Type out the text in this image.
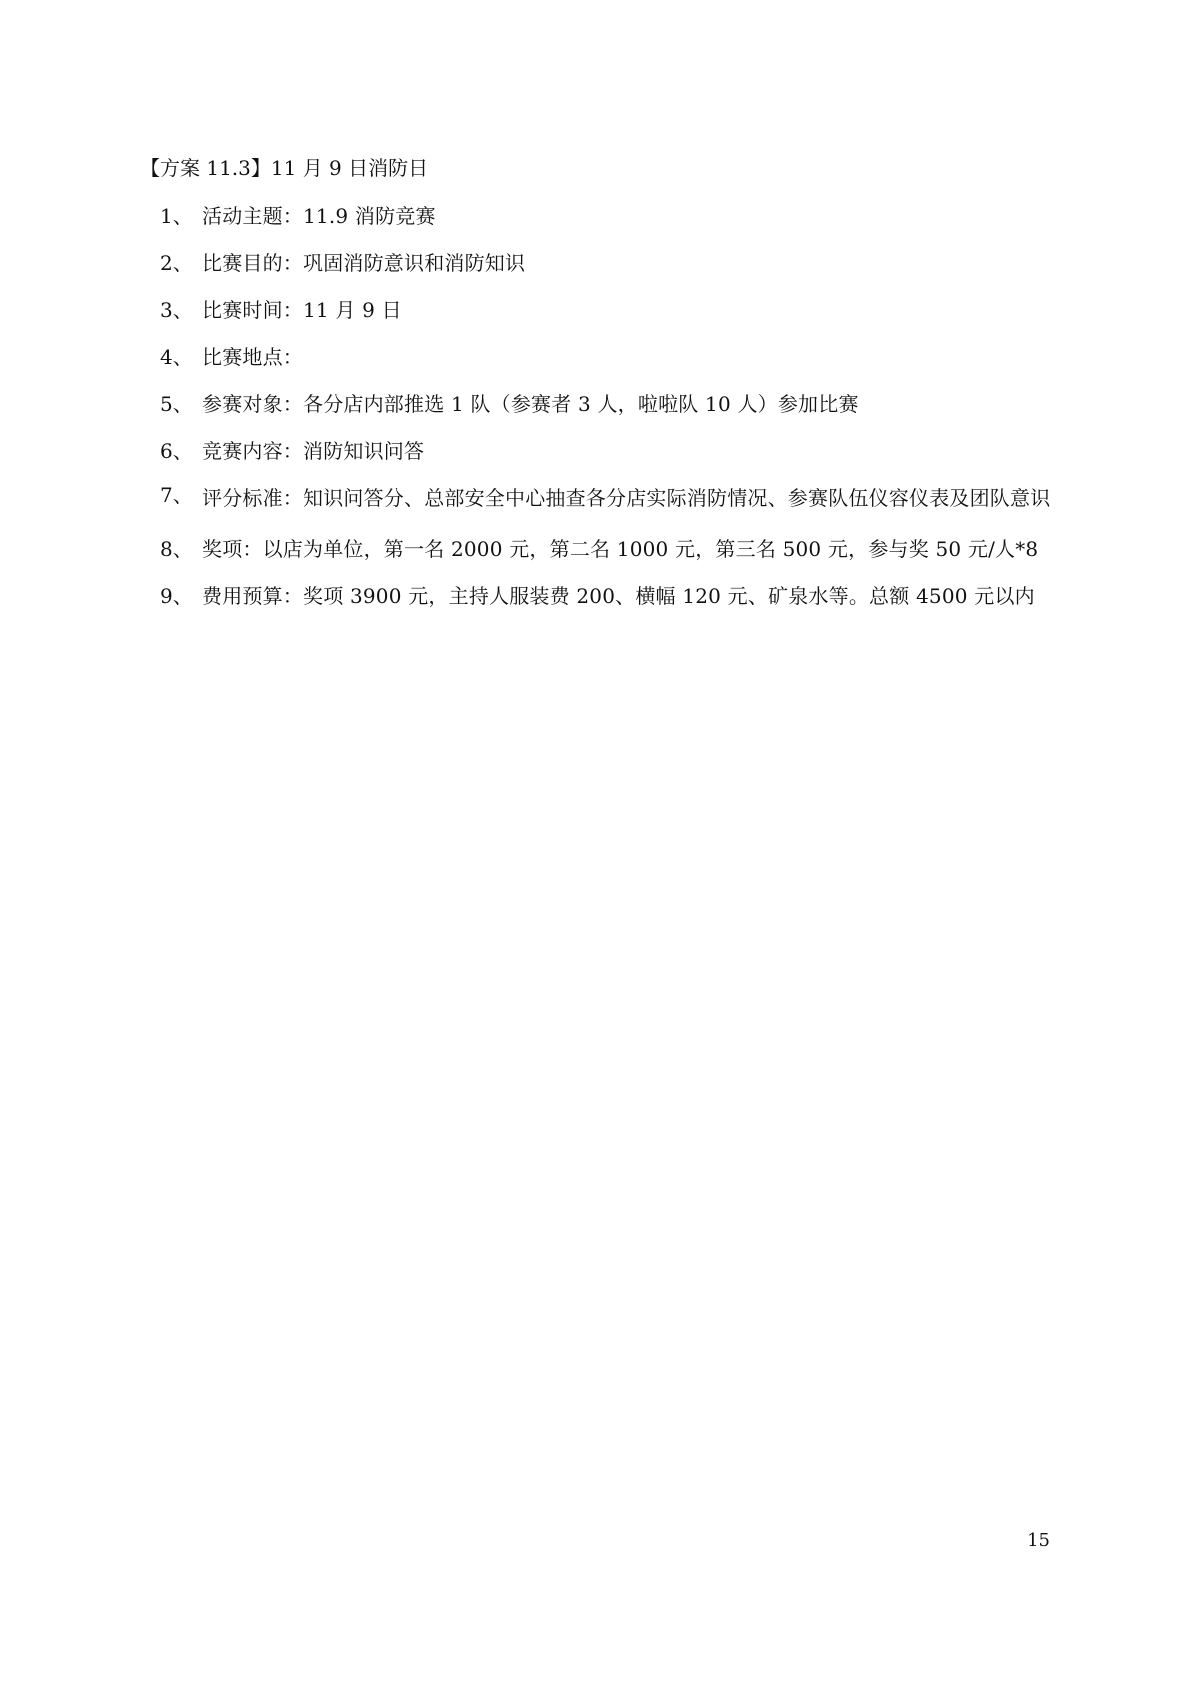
【方案 11.3】11 月 9 日消防日
1、 活动主题：11.9 消防竞赛
2、 比赛目的：巩固消防意识和消防知识
3、 比赛时间：11 月 9 日
4、 比赛地点：
5、 参赛对象：各分店内部推选 1 队（参赛者 3 人，啦啦队 10 人）参加比赛
6、 竞赛内容：消防知识问答
7、 评分标准：知识问答分、总部安全中心抽查各分店实际消防情况、参赛队伍仪容仪表及团队意识
8、 奖项：以店为单位，第一名 2000 元，第二名 1000 元，第三名 500 元，参与奖 50 元/人*8
9、 费用预算：奖项 3900 元，主持人服装费 200、横幅 120 元、矿泉水等。总额 4500 元以内
15
